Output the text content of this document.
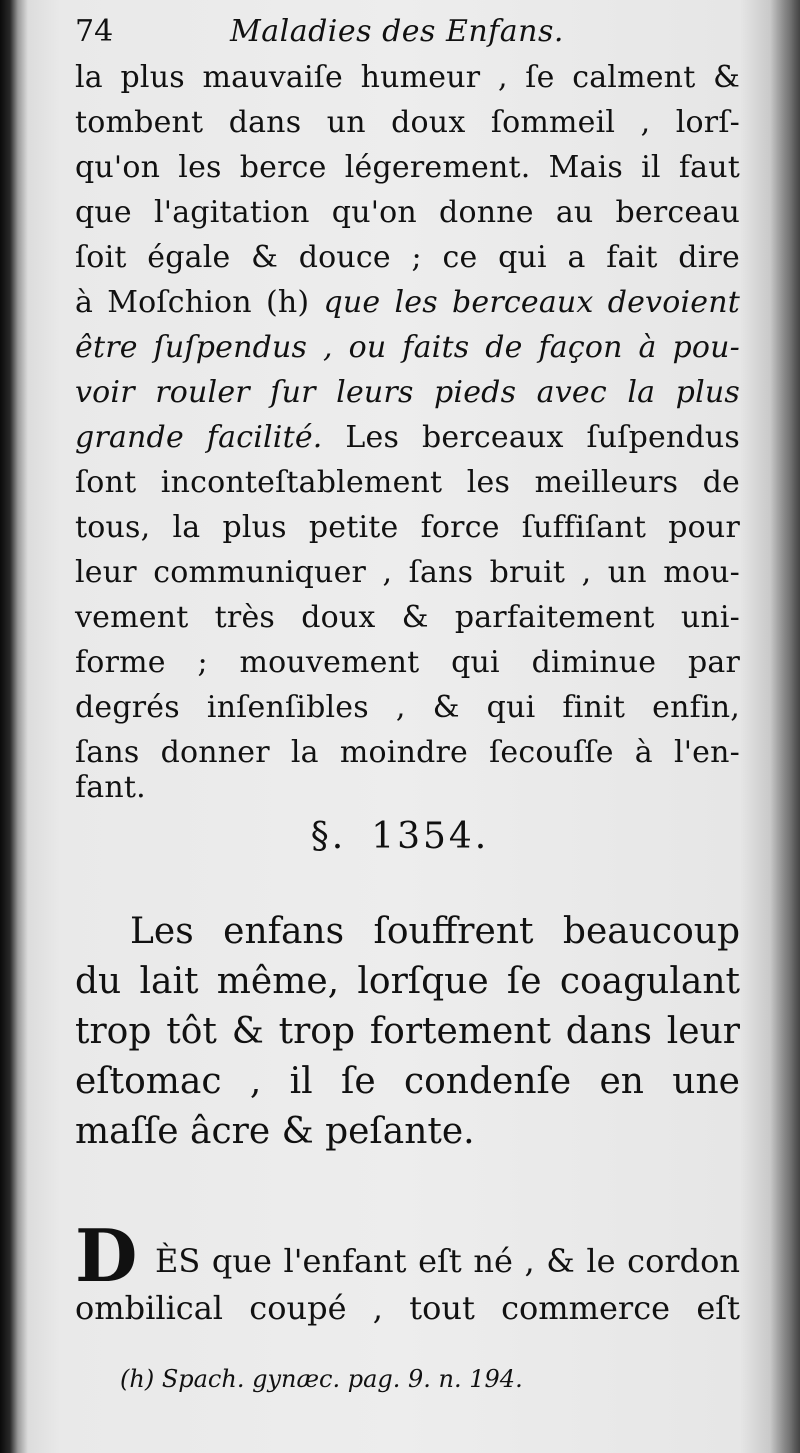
74	Maladies des Enfans.
la plus mauvaiſe humeur , ſe calment &
tombent dans un doux ſommeil , lorſ-
qu'on les berce légerement. Mais il faut
que l'agitation qu'on donne au berceau
ſoit égale & douce ; ce qui a fait dire
à Moſchion (h) que les berceaux devoient
être ſuſpendus , ou faits de façon à pou-
voir rouler ſur leurs pieds avec la plus
grande facilité. Les berceaux ſuſpendus
ſont inconteſtablement les meilleurs de
tous, la plus petite force ſuffiſant pour
leur communiquer , ſans bruit , un mou-
vement très doux & parfaitement uni-
forme ; mouvement qui diminue par
degrés inſenſibles , & qui finit enfin,
ſans donner la moindre ſecouſſe à l'en-
fant.
§. 1354.
Les enfans ſouffrent beaucoup
du lait même, lorſque ſe coagulant
trop tôt & trop fortement dans leur
eſtomac , il ſe condenſe en une
maſſe âcre & peſante.
D ÈS que l'enfant eſt né , & le cordon
ombilical coupé , tout commerce eſt
(h) Spach. gynæc. pag. 9. n. 194.
